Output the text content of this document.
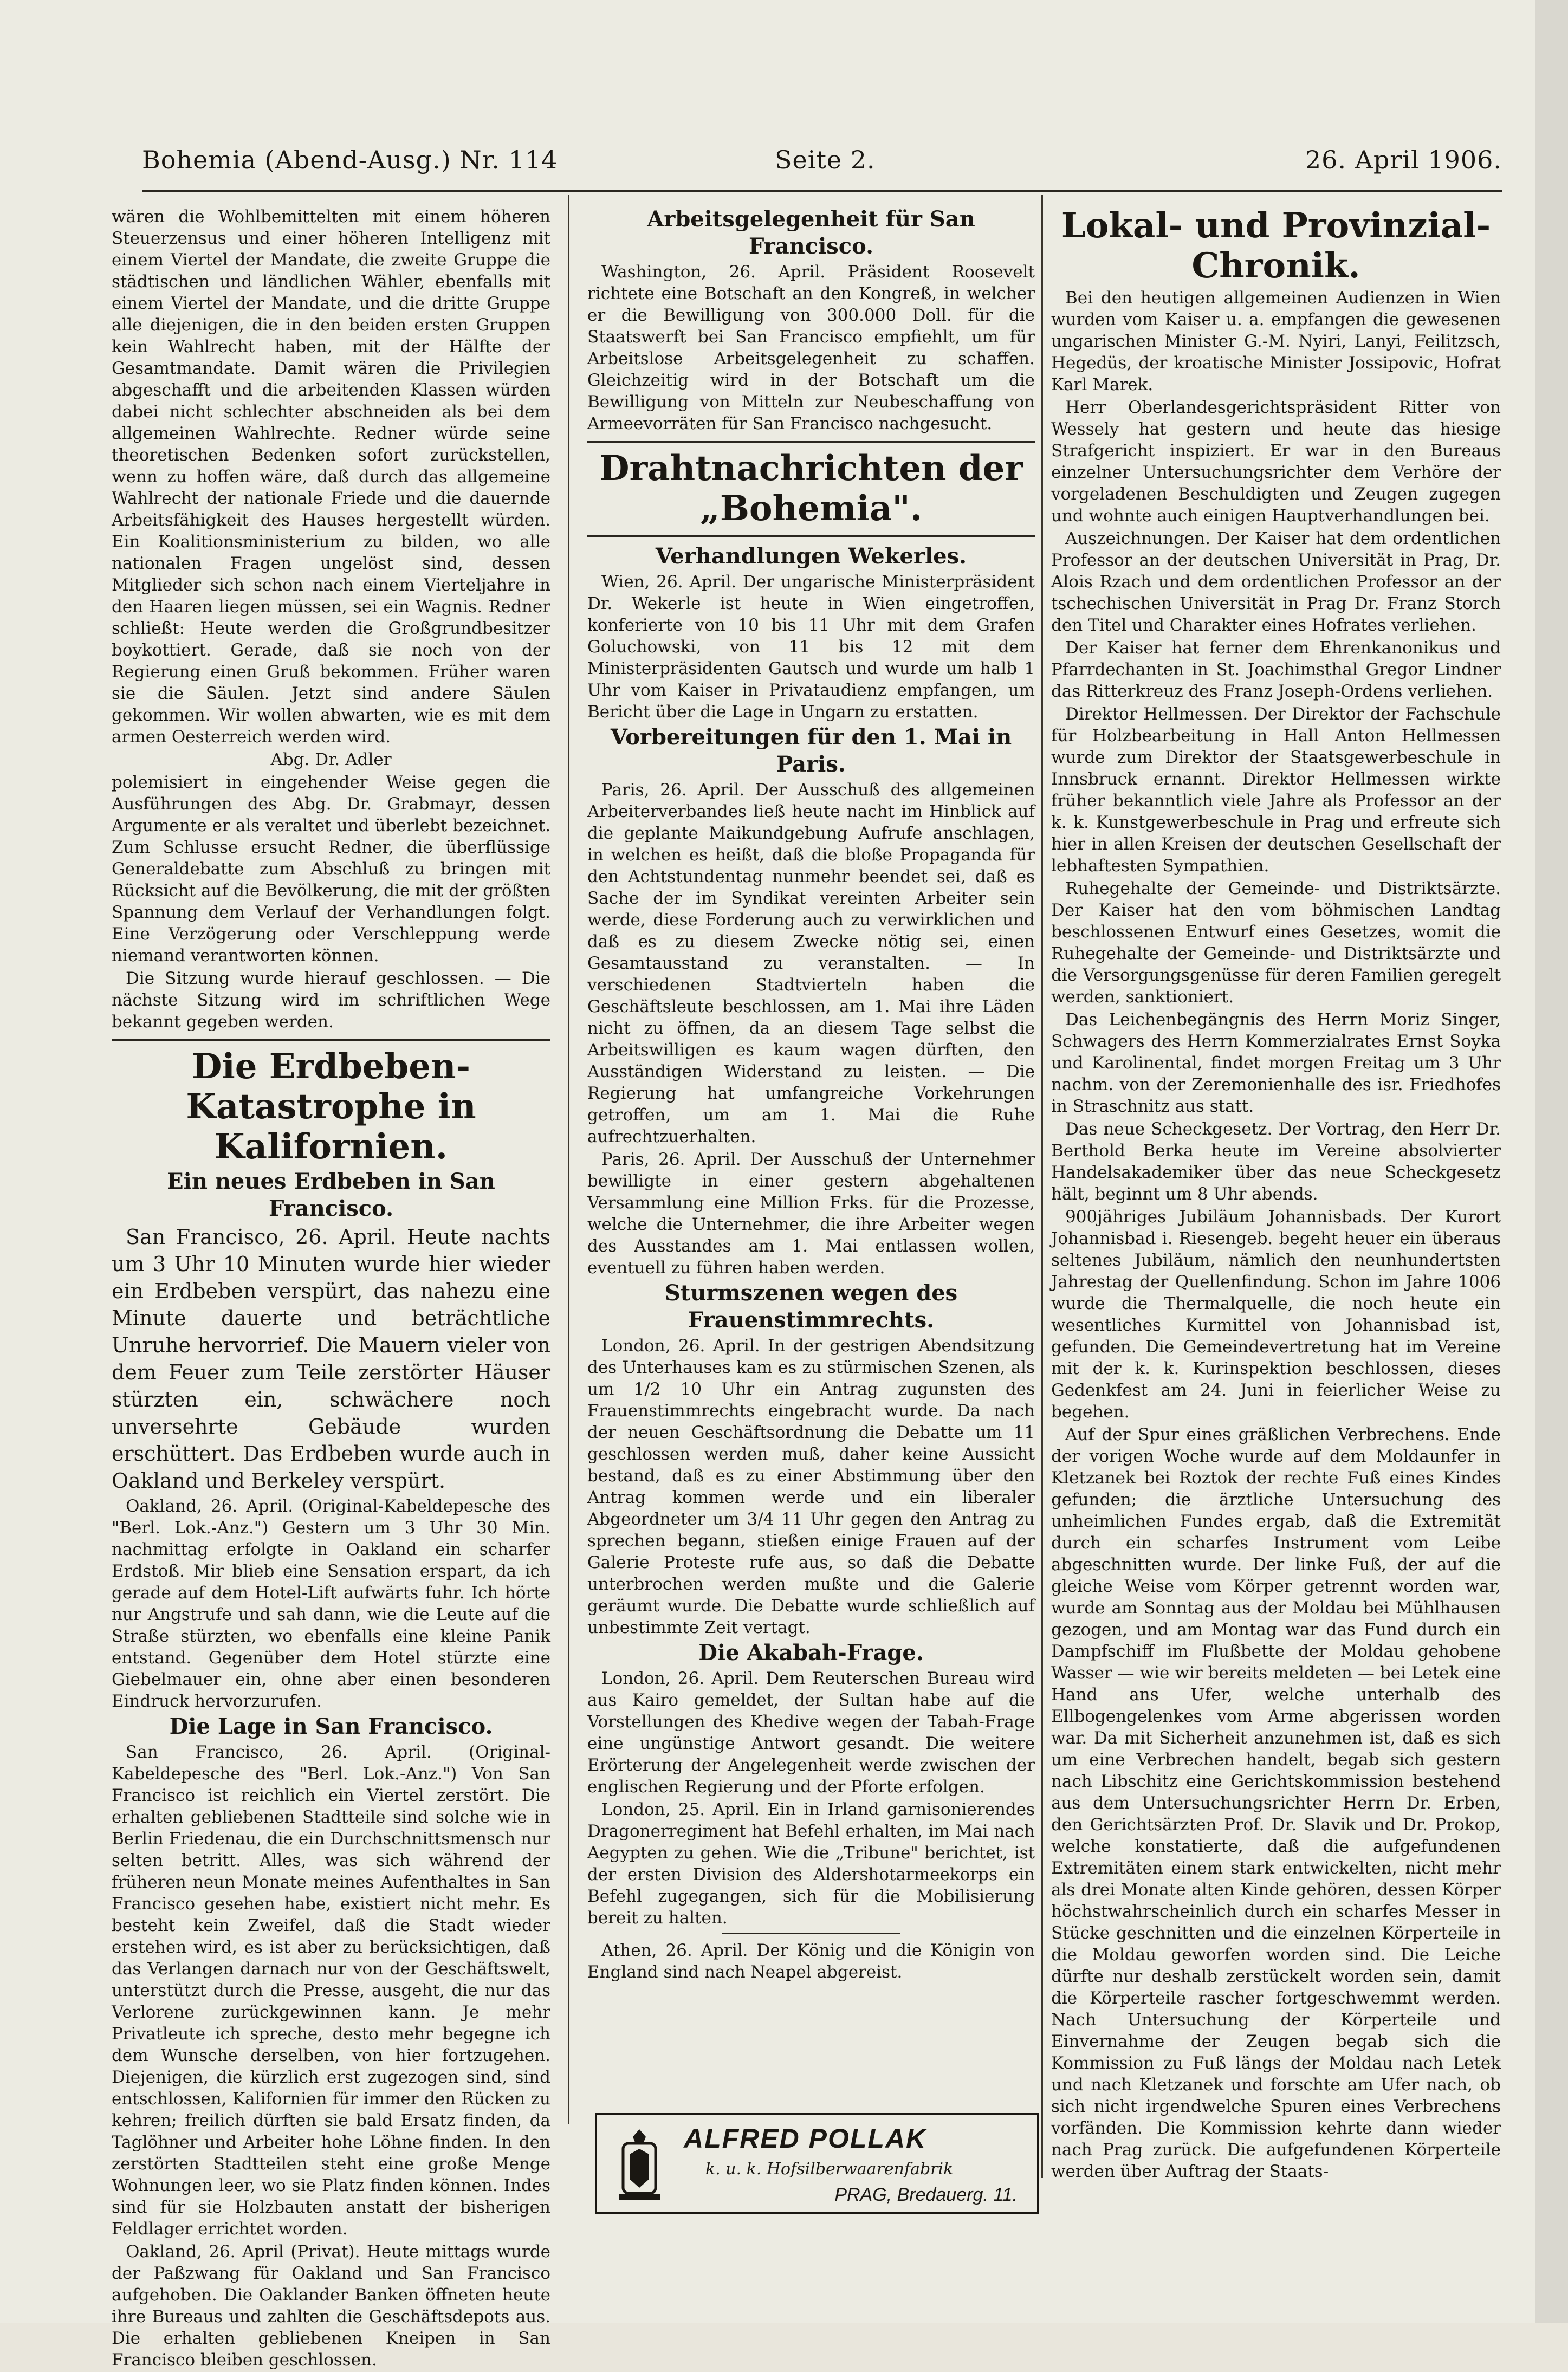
Bohemia (Abend-Ausg.) Nr. 114	Seite 2.	26. April 1906.

wären die Wohlbemittelten mit einem höheren Steuerzensus und einer höheren Intelligenz mit einem Viertel der Mandate, die zweite Gruppe die städtischen und ländlichen Wähler, ebenfalls mit einem Viertel der Mandate, und die dritte Gruppe alle diejenigen, die in den beiden ersten Gruppen kein Wahlrecht haben, mit der Hälfte der Gesamtmandate. Damit wären die Privilegien abgeschafft und die arbeitenden Klassen würden dabei nicht schlechter abschneiden als bei dem allgemeinen Wahlrechte. Redner würde seine theoretischen Bedenken sofort zurückstellen, wenn zu hoffen wäre, daß durch das allgemeine Wahlrecht der nationale Friede und die dauernde Arbeitsfähigkeit des Hauses hergestellt würden. Ein Koalitionsministerium zu bilden, wo alle nationalen Fragen ungelöst sind, dessen Mitglieder sich schon nach einem Vierteljahre in den Haaren liegen müssen, sei ein Wagnis. Redner schließt: Heute werden die Großgrundbesitzer boykottiert. Gerade, daß sie noch von der Regierung einen Gruß bekommen. Früher waren sie die Säulen. Jetzt sind andere Säulen gekommen. Wir wollen abwarten, wie es mit dem armen Oesterreich werden wird.

Abg. Dr. Adler

polemisiert in eingehender Weise gegen die Ausführungen des Abg. Dr. Grabmayr, dessen Argumente er als veraltet und überlebt bezeichnet. Zum Schlusse ersucht Redner, die überflüssige Generaldebatte zum Abschluß zu bringen mit Rücksicht auf die Bevölkerung, die mit der größten Spannung dem Verlauf der Verhandlungen folgt. Eine Verzögerung oder Verschleppung werde niemand verantworten können.

Die Sitzung wurde hierauf geschlossen. — Die nächste Sitzung wird im schriftlichen Wege bekannt gegeben werden.

Die Erdbeben-Katastrophe in Kalifornien.

Ein neues Erdbeben in San Francisco.

San Francisco, 26. April. Heute nachts um 3 Uhr 10 Minuten wurde hier wieder ein Erdbeben verspürt, das nahezu eine Minute dauerte und beträchtliche Unruhe hervorrief. Die Mauern vieler von dem Feuer zum Teile zerstörter Häuser stürzten ein, schwächere noch unversehrte Gebäude wurden erschüttert. Das Erdbeben wurde auch in Oakland und Berkeley verspürt.

Oakland, 26. April. (Original-Kabeldepesche des "Berl. Lok.-Anz.") Gestern um 3 Uhr 30 Min. nachmittag erfolgte in Oakland ein scharfer Erdstoß. Mir blieb eine Sensation erspart, da ich gerade auf dem Hotel-Lift aufwärts fuhr. Ich hörte nur Angstrufe und sah dann, wie die Leute auf die Straße stürzten, wo ebenfalls eine kleine Panik entstand. Gegenüber dem Hotel stürzte eine Giebelmauer ein, ohne aber einen besonderen Eindruck hervorzurufen.

Die Lage in San Francisco.

San Francisco, 26. April. (Original-Kabeldepesche des "Berl. Lok.-Anz.") Von San Francisco ist reichlich ein Viertel zerstört. Die erhalten gebliebenen Stadtteile sind solche wie in Berlin Friedenau, die ein Durchschnittsmensch nur selten betritt. Alles, was sich während der früheren neun Monate meines Aufenthaltes in San Francisco gesehen habe, existiert nicht mehr. Es besteht kein Zweifel, daß die Stadt wieder erstehen wird, es ist aber zu berücksichtigen, daß das Verlangen darnach nur von der Geschäftswelt, unterstützt durch die Presse, ausgeht, die nur das Verlorene zurückgewinnen kann. Je mehr Privatleute ich spreche, desto mehr begegne ich dem Wunsche derselben, von hier fortzugehen. Diejenigen, die kürzlich erst zugezogen sind, sind entschlossen, Kalifornien für immer den Rücken zu kehren; freilich dürften sie bald Ersatz finden, da Taglöhner und Arbeiter hohe Löhne finden. In den zerstörten Stadtteilen steht eine große Menge Wohnungen leer, wo sie Platz finden können. Indes sind für sie Holzbauten anstatt der bisherigen Feldlager errichtet worden.

Oakland, 26. April (Privat). Heute mittags wurde der Paßzwang für Oakland und San Francisco aufgehoben. Die Oaklander Banken öffneten heute ihre Bureaus und zahlten die Geschäftsdepots aus. Die erhalten gebliebenen Kneipen in San Francisco bleiben geschlossen.

Arbeitsgelegenheit für San Francisco.

Washington, 26. April. Präsident Roosevelt richtete eine Botschaft an den Kongreß, in welcher er die Bewilligung von 300.000 Doll. für die Staatswerft bei San Francisco empfiehlt, um für Arbeitslose Arbeitsgelegenheit zu schaffen. Gleichzeitig wird in der Botschaft um die Bewilligung von Mitteln zur Neubeschaffung von Armeevorräten für San Francisco nachgesucht.

Drahtnachrichten der „Bohemia".

Verhandlungen Wekerles.

Wien, 26. April. Der ungarische Ministerpräsident Dr. Wekerle ist heute in Wien eingetroffen, konferierte von 10 bis 11 Uhr mit dem Grafen Goluchowski, von 11 bis 12 mit dem Ministerpräsidenten Gautsch und wurde um halb 1 Uhr vom Kaiser in Privataudienz empfangen, um Bericht über die Lage in Ungarn zu erstatten.

Vorbereitungen für den 1. Mai in Paris.

Paris, 26. April. Der Ausschuß des allgemeinen Arbeiterverbandes ließ heute nacht im Hinblick auf die geplante Maikundgebung Aufrufe anschlagen, in welchen es heißt, daß die bloße Propaganda für den Achtstundentag nunmehr beendet sei, daß es Sache der im Syndikat vereinten Arbeiter sein werde, diese Forderung auch zu verwirklichen und daß es zu diesem Zwecke nötig sei, einen Gesamtausstand zu veranstalten. — In verschiedenen Stadtvierteln haben die Geschäftsleute beschlossen, am 1. Mai ihre Läden nicht zu öffnen, da an diesem Tage selbst die Arbeitswilligen es kaum wagen dürften, den Ausständigen Widerstand zu leisten. — Die Regierung hat umfangreiche Vorkehrungen getroffen, um am 1. Mai die Ruhe aufrechtzuerhalten.

Paris, 26. April. Der Ausschuß der Unternehmer bewilligte in einer gestern abgehaltenen Versammlung eine Million Frks. für die Prozesse, welche die Unternehmer, die ihre Arbeiter wegen des Ausstandes am 1. Mai entlassen wollen, eventuell zu führen haben werden.

Sturmszenen wegen des Frauenstimmrechts.

London, 26. April. In der gestrigen Abendsitzung des Unterhauses kam es zu stürmischen Szenen, als um 1/2 10 Uhr ein Antrag zugunsten des Frauenstimmrechts eingebracht wurde. Da nach der neuen Geschäftsordnung die Debatte um 11 geschlossen werden muß, daher keine Aussicht bestand, daß es zu einer Abstimmung über den Antrag kommen werde und ein liberaler Abgeordneter um 3/4 11 Uhr gegen den Antrag zu sprechen begann, stießen einige Frauen auf der Galerie Proteste rufe aus, so daß die Debatte unterbrochen werden mußte und die Galerie geräumt wurde. Die Debatte wurde schließlich auf unbestimmte Zeit vertagt.

Die Akabah-Frage.

London, 26. April. Dem Reuterschen Bureau wird aus Kairo gemeldet, der Sultan habe auf die Vorstellungen des Khedive wegen der Tabah-Frage eine ungünstige Antwort gesandt. Die weitere Erörterung der Angelegenheit werde zwischen der englischen Regierung und der Pforte erfolgen.

London, 25. April. Ein in Irland garnisonierendes Dragonerregiment hat Befehl erhalten, im Mai nach Aegypten zu gehen. Wie die „Tribune" berichtet, ist der ersten Division des Aldershotarmeekorps ein Befehl zugegangen, sich für die Mobilisierung bereit zu halten.

Athen, 26. April. Der König und die Königin von England sind nach Neapel abgereist.

ALFRED POLLAK
k. u. k. Hofsilberwaarenfabrik
PRAG, Bredauerg. 11.

Lokal- und Provinzial-Chronik.

Bei den heutigen allgemeinen Audienzen in Wien wurden vom Kaiser u. a. empfangen die gewesenen ungarischen Minister G.-M. Nyiri, Lanyi, Feilitzsch, Hegedüs, der kroatische Minister Jossipovic, Hofrat Karl Marek.

Herr Oberlandesgerichtspräsident Ritter von Wessely hat gestern und heute das hiesige Strafgericht inspiziert. Er war in den Bureaus einzelner Untersuchungsrichter dem Verhöre der vorgeladenen Beschuldigten und Zeugen zugegen und wohnte auch einigen Hauptverhandlungen bei.

Auszeichnungen. Der Kaiser hat dem ordentlichen Professor an der deutschen Universität in Prag, Dr. Alois Rzach und dem ordentlichen Professor an der tschechischen Universität in Prag Dr. Franz Storch den Titel und Charakter eines Hofrates verliehen.

Der Kaiser hat ferner dem Ehrenkanonikus und Pfarrdechanten in St. Joachimsthal Gregor Lindner das Ritterkreuz des Franz Joseph-Ordens verliehen.

Direktor Hellmessen. Der Direktor der Fachschule für Holzbearbeitung in Hall Anton Hellmessen wurde zum Direktor der Staatsgewerbeschule in Innsbruck ernannt. Direktor Hellmessen wirkte früher bekanntlich viele Jahre als Professor an der k. k. Kunstgewerbeschule in Prag und erfreute sich hier in allen Kreisen der deutschen Gesellschaft der lebhaftesten Sympathien.

Ruhegehalte der Gemeinde- und Distriktsärzte. Der Kaiser hat den vom böhmischen Landtag beschlossenen Entwurf eines Gesetzes, womit die Ruhegehalte der Gemeinde- und Distriktsärzte und die Versorgungsgenüsse für deren Familien geregelt werden, sanktioniert.

Das Leichenbegängnis des Herrn Moriz Singer, Schwagers des Herrn Kommerzialrates Ernst Soyka und Karolinental, findet morgen Freitag um 3 Uhr nachm. von der Zeremonienhalle des isr. Friedhofes in Straschnitz aus statt.

Das neue Scheckgesetz. Der Vortrag, den Herr Dr. Berthold Berka heute im Vereine absolvierter Handelsakademiker über das neue Scheckgesetz hält, beginnt um 8 Uhr abends.

900jähriges Jubiläum Johannisbads. Der Kurort Johannisbad i. Riesengeb. begeht heuer ein überaus seltenes Jubiläum, nämlich den neunhundertsten Jahrestag der Quellenfindung. Schon im Jahre 1006 wurde die Thermalquelle, die noch heute ein wesentliches Kurmittel von Johannisbad ist, gefunden. Die Gemeindevertretung hat im Vereine mit der k. k. Kurinspektion beschlossen, dieses Gedenkfest am 24. Juni in feierlicher Weise zu begehen.

Auf der Spur eines gräßlichen Verbrechens. Ende der vorigen Woche wurde auf dem Moldaunfer in Kletzanek bei Roztok der rechte Fuß eines Kindes gefunden; die ärztliche Untersuchung des unheimlichen Fundes ergab, daß die Extremität durch ein scharfes Instrument vom Leibe abgeschnitten wurde. Der linke Fuß, der auf die gleiche Weise vom Körper getrennt worden war, wurde am Sonntag aus der Moldau bei Mühlhausen gezogen, und am Montag war das Fund durch ein Dampfschiff im Flußbette der Moldau gehobene Wasser — wie wir bereits meldeten — bei Letek eine Hand ans Ufer, welche unterhalb des Ellbogengelenkes vom Arme abgerissen worden war. Da mit Sicherheit anzunehmen ist, daß es sich um eine Verbrechen handelt, begab sich gestern nach Libschitz eine Gerichtskommission bestehend aus dem Untersuchungsrichter Herrn Dr. Erben, den Gerichtsärzten Prof. Dr. Slavik und Dr. Prokop, welche konstatierte, daß die aufgefundenen Extremitäten einem stark entwickelten, nicht mehr als drei Monate alten Kinde gehören, dessen Körper höchstwahrscheinlich durch ein scharfes Messer in Stücke geschnitten und die einzelnen Körperteile in die Moldau geworfen worden sind. Die Leiche dürfte nur deshalb zerstückelt worden sein, damit die Körperteile rascher fortgeschwemmt werden. Nach Untersuchung der Körperteile und Einvernahme der Zeugen begab sich die Kommission zu Fuß längs der Moldau nach Letek und nach Kletzanek und forschte am Ufer nach, ob sich nicht irgendwelche Spuren eines Verbrechens vorfänden. Die Kommission kehrte dann wieder nach Prag zurück. Die aufgefundenen Körperteile werden über Auftrag der Staats-
